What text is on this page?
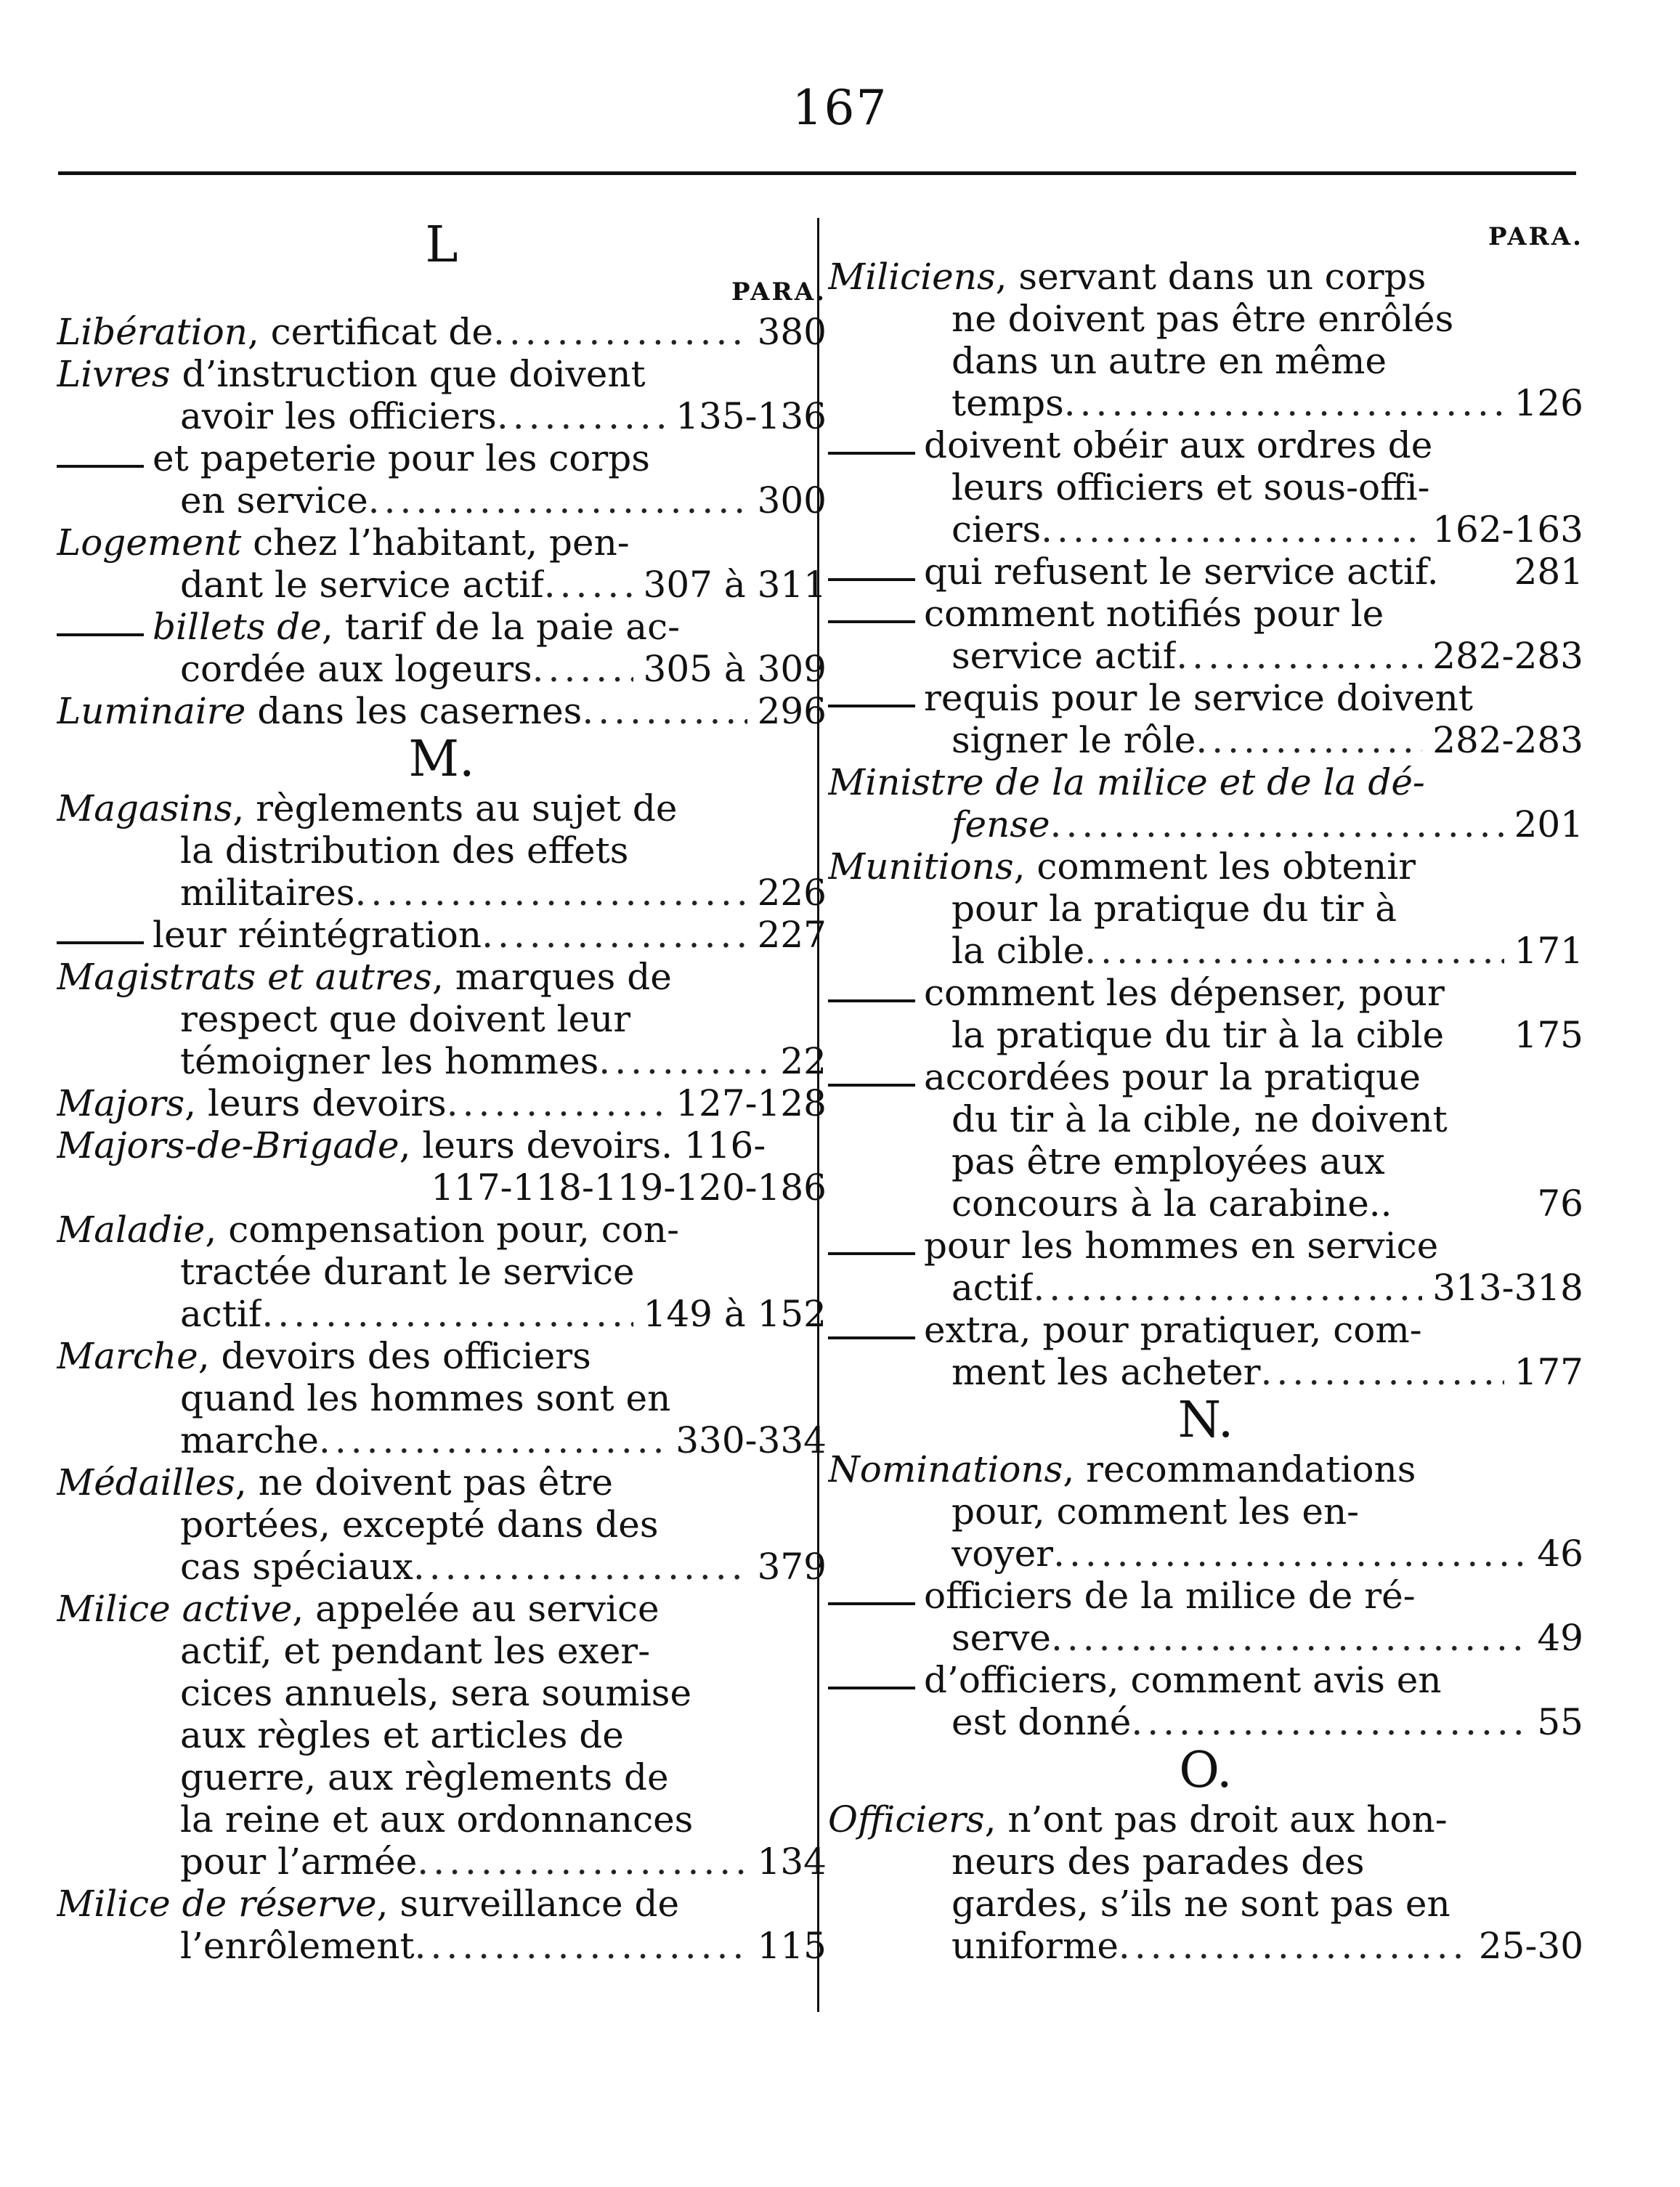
167
L
PARA.
Libération, certificat de .....	380
Livres d’instruction que doivent
avoir les officiers .....	135-136
et papeterie pour les corps
en service .....	300
Logement chez l’habitant, pen-
dant le service actif .....	307 à 311
billets de, tarif de la paie ac-
cordée aux logeurs .....	305 à 309
Luminaire dans les casernes .....	296
M.
Magasins, règlements au sujet de
la distribution des effets
militaires .....	226
leur réintégration .....	227
Magistrats et autres, marques de
respect que doivent leur
témoigner les hommes .....	22
Majors, leurs devoirs .....	127-128
Majors-de-Brigade, leurs devoirs. 116-
117-118-119-120-186
Maladie, compensation pour, con-
tractée durant le service
actif .....	149 à 152
Marche, devoirs des officiers
quand les hommes sont en
marche .....	330-334
Médailles, ne doivent pas être
portées, excepté dans des
cas spéciaux .....	379
Milice active, appelée au service
actif, et pendant les exer-
cices annuels, sera soumise
aux règles et articles de
guerre, aux règlements de
la reine et aux ordonnances
pour l’armée .....	134
Milice de réserve, surveillance de
l’enrôlement .....	115
PARA.
Miliciens, servant dans un corps
ne doivent pas être enrôlés
dans un autre en même
temps .....	126
doivent obéir aux ordres de
leurs officiers et sous-offi-
ciers .....	162-163
qui refusent le service actif. 281
comment notifiés pour le
service actif .....	282-283
requis pour le service doivent
signer le rôle .....	282-283
Ministre de la milice et de la dé-
fense .....	201
Munitions, comment les obtenir
pour la pratique du tir à
la cible .....	171
comment les dépenser, pour
la pratique du tir à la cible 175
accordées pour la pratique
du tir à la cible, ne doivent
pas être employées aux
concours à la carabine..	76
pour les hommes en service
actif .....	313-318
extra, pour pratiquer, com-
ment les acheter .....	177
N.
Nominations, recommandations
pour, comment les en-
voyer .....	46
officiers de la milice de ré-
serve .....	49
d’officiers, comment avis en
est donné .....	55
O.
Officiers, n’ont pas droit aux hon-
neurs des parades des
gardes, s’ils ne sont pas en
uniforme .....	25-30
